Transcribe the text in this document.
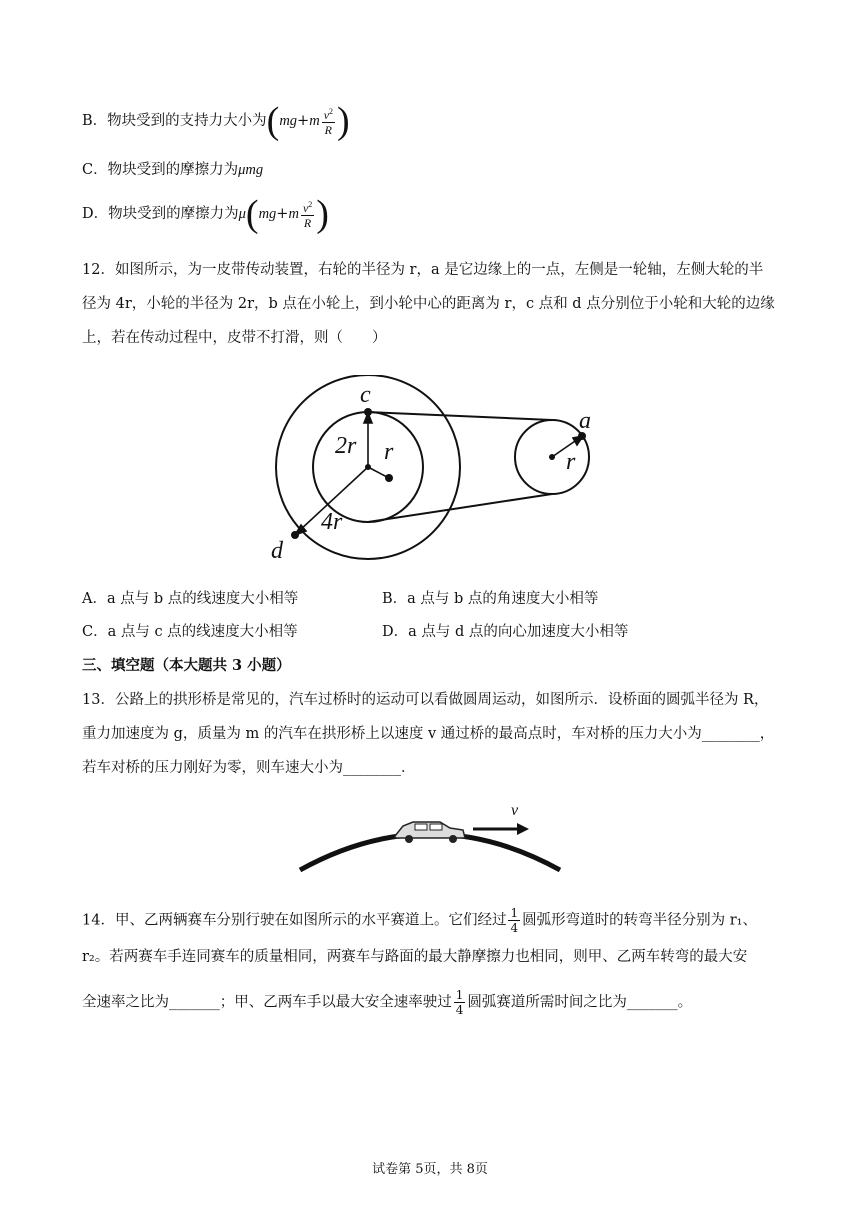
B．物块受到的支持力大小为($mg+m \frac{v^2}{R}$ )
C．物块受到的摩擦力为μmg
D．物块受到的摩擦力为$\mu(mg+m \frac{v^2}{R}$ )
12．如图所示，为一皮带传动装置，右轮的半径为 r，a 是它边缘上的一点，左侧是一轮轴，左侧大轮的半
径为 4r，小轮的半径为 2r，b 点在小轮上，到小轮中心的距离为 r，c 点和 d 点分别位于小轮和大轮的边缘
上，若在传动过程中，皮带不打滑，则（　　）
c
2r r
4r
d
a
r
A．a 点与 b 点的线速度大小相等	B．a 点与 b 点的角速度大小相等
C．a 点与 c 点的线速度大小相等	D．a 点与 d 点的向心加速度大小相等
三、填空题（本大题共 3 小题）
13．公路上的拱形桥是常见的，汽车过桥时的运动可以看做圆周运动，如图所示．设桥面的圆弧半径为 R，
重力加速度为 g，质量为 m 的汽车在拱形桥上以速度 v 通过桥的最高点时，车对桥的压力大小为________，
若车对桥的压力刚好为零，则车速大小为________．
v
14．甲、乙两辆赛车分别行驶在如图所示的水平赛道上。它们经过 $\frac{1}{4}$ 圆弧形弯道时的转弯半径分别为 r₁、
r₂。若两赛车手连同赛车的质量相同，两赛车与路面的最大静摩擦力也相同，则甲、乙两车转弯的最大安
全速率之比为_______；甲、乙两车手以最大安全速率驶过 $\frac{1}{4}$ 圆弧赛道所需时间之比为_______。
试卷第 5页，共 8页
